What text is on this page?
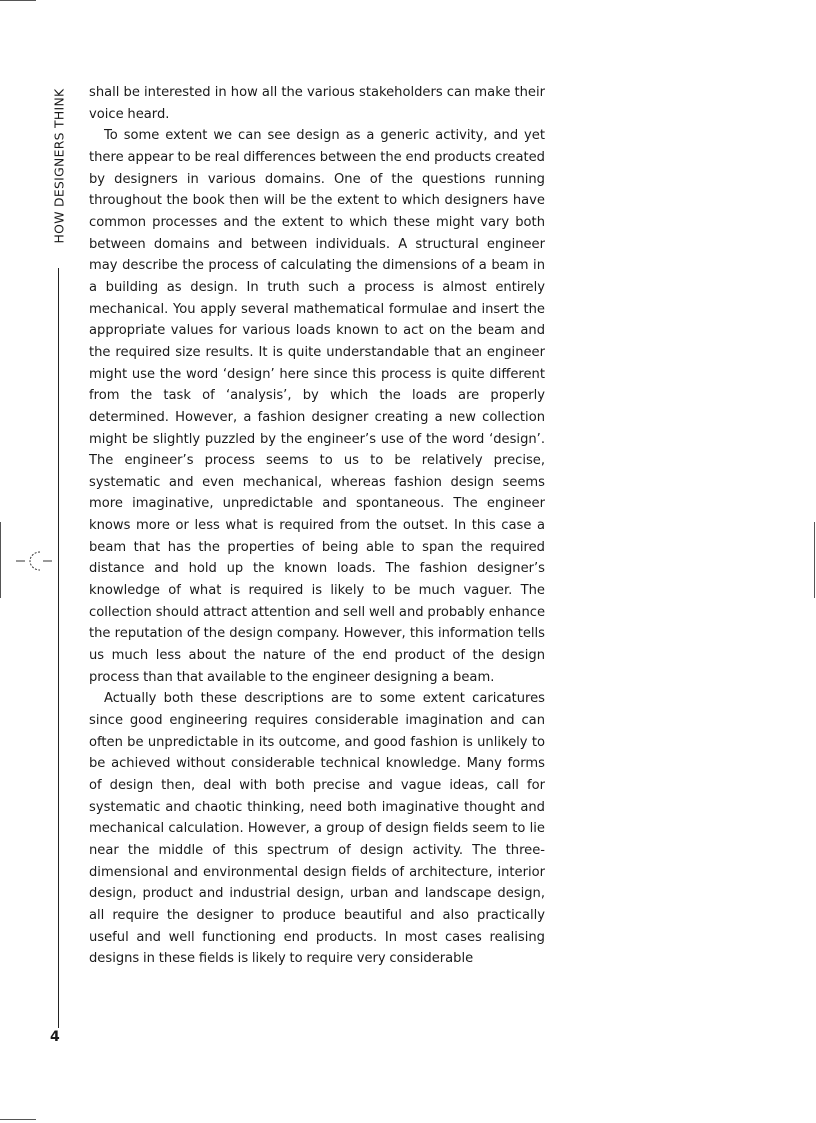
HOW DESIGNERS THINK shall be interested in how all the various stakeholders can make their voice heard.

To some extent we can see design as a generic activity, and yet there appear to be real differences between the end products created by designers in various domains. One of the questions running throughout the book then will be the extent to which designers have common processes and the extent to which these might vary both between domains and between individuals. A structural engineer may describe the process of calculating the dimensions of a beam in a building as design. In truth such a process is almost entirely mechanical. You apply several mathematical formulae and insert the appropriate values for various loads known to act on the beam and the required size results. It is quite understandable that an engineer might use the word ‘design’ here since this process is quite different from the task of ‘analysis’, by which the loads are properly determined. However, a fashion designer creating a new collection might be slightly puzzled by the engineer’s use of the word ‘design’. The engineer’s process seems to us to be relatively precise, systematic and even mechanical, whereas fashion design seems more imaginative, unpredictable and spontaneous. The engineer knows more or less what is required from the outset. In this case a beam that has the properties of being able to span the required distance and hold up the known loads. The fashion designer’s knowledge of what is required is likely to be much vaguer. The collection should attract attention and sell well and probably enhance the reputation of the design company. However, this information tells us much less about the nature of the end product of the design process than that available to the engineer designing a beam.

Actually both these descriptions are to some extent caricatures since good engineering requires considerable imagination and can often be unpredictable in its outcome, and good fashion is unlikely to be achieved without considerable technical knowledge. Many forms of design then, deal with both precise and vague ideas, call for systematic and chaotic thinking, need both imaginative thought and mechanical calculation. However, a group of design fields seem to lie near the middle of this spectrum of design activity. The three-dimensional and environmental design fields of architecture, interior design, product and industrial design, urban and landscape design, all require the designer to produce beautiful and also practically useful and well functioning end products. In most cases realising designs in these fields is likely to require very considerable

4
